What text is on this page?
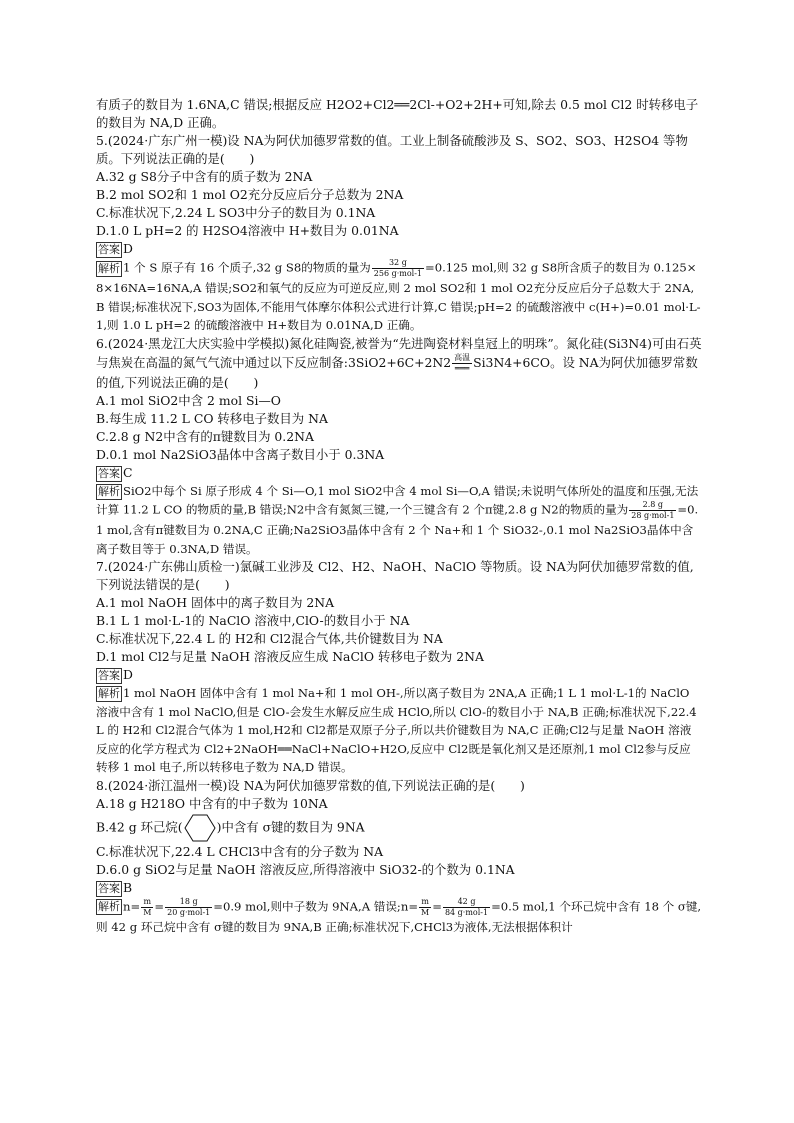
有质子的数目为 1.6NA,C 错误;根据反应 H2O2+Cl2══2Cl-+O2+2H+可知,除去 0.5 mol Cl2 时转移电子的数目为 NA,D 正确。

5.(2024·广东广州一模)设 NA为阿伏加德罗常数的值。工业上制备硫酸涉及 S、SO2、SO3、H2SO4 等物质。下列说法正确的是(　　)

A.32 g S8分子中含有的质子数为 2NA

B.2 mol SO2和 1 mol O2充分反应后分子总数为 2NA

C.标准状况下,2.24 L SO3中分子的数目为 0.1NA

D.1.0 L pH=2 的 H2SO4溶液中 H+数目为 0.01NA

答案 D

解析 1 个 S 原子有 16 个质子,32 g S8的物质的量为 $\frac{32 g}{\text{256 g·mol-1}} =0.125$ mol,则 32 g S8所含质子的数目为 0.125×8×16NA=16NA,A 错误;SO2和氧气的反应为可逆反应,则 2 mol SO2和 1 mol O2充分反应后分子总数大于 2NA,B 错误;标准状况下,SO3为固体,不能用气体摩尔体积公式进行计算,C 错误;pH=2 的硫酸溶液中 c(H+)=0.01 mol·L-1,则 1.0 L pH=2 的硫酸溶液中 H+数目为 0.01NA,D 正确。

6.(2024·黑龙江大庆实验中学模拟)氮化硅陶瓷,被誉为“先进陶瓷材料皇冠上的明珠”。氮化硅(Si3N4)可由石英与焦炭在高温的氮气气流中通过以下反应制备:3SiO2+6C+2N2 $\frac{\text{高温}}{═══} Si3N4+6CO$。设 NA为阿伏加德罗常数的值,下列说法正确的是(　　)

A.1 mol SiO2中含 2 mol Si—O

B.每生成 11.2 L CO 转移电子数目为 NA

C.2.8 g N2中含有的π键数目为 0.2NA

D.0.1 mol Na2SiO3晶体中含离子数目小于 0.3NA

答案 C

解析 SiO2中每个 Si 原子形成 4 个 Si—O,1 mol SiO2中含 4 mol Si—O,A 错误;未说明气体所处的温度和压强,无法计算 11.2 L CO 的物质的量,B 错误;N2中含有氮氮三键,一个三键含有 2 个π键,2.8 g N2的物质的量为 $\frac{2.8 g}{\text{28 g·mol-1}} =0.1$ mol,含有π键数目为 0.2NA,C 正确;Na2SiO3晶体中含有 2 个 Na+和 1 个 SiO32-,0.1 mol Na2SiO3晶体中含离子数目等于 0.3NA,D 错误。

7.(2024·广东佛山质检一)氯碱工业涉及 Cl2、H2、NaOH、NaClO 等物质。设 NA为阿伏加德罗常数的值,下列说法错误的是(　　)

A.1 mol NaOH 固体中的离子数目为 2NA

B.1 L 1 mol·L-1的 NaClO 溶液中,ClO-的数目小于 NA

C.标准状况下,22.4 L 的 H2和 Cl2混合气体,共价键数目为 NA

D.1 mol Cl2与足量 NaOH 溶液反应生成 NaClO 转移电子数为 2NA

答案 D

解析 1 mol NaOH 固体中含有 1 mol Na+和 1 mol OH-,所以离子数目为 2NA,A 正确;1 L 1 mol·L-1的 NaClO 溶液中含有 1 mol NaClO,但是 ClO-会发生水解反应生成 HClO,所以 ClO-的数目小于 NA,B 正确;标准状况下,22.4 L 的 H2和 Cl2混合气体为 1 mol,H2和 Cl2都是双原子分子,所以共价键数目为 NA,C 正确;Cl2与足量 NaOH 溶液反应的化学方程式为 Cl2+2NaOH══NaCl+NaClO+H2O,反应中 Cl2既是氧化剂又是还原剂,1 mol Cl2参与反应转移 1 mol 电子,所以转移电子数为 NA,D 错误。

8.(2024·浙江温州一模)设 NA为阿伏加德罗常数的值,下列说法正确的是(　　)

A.18 g H218O 中含有的中子数为 10NA

B.42 g 环己烷(	)中含有 σ键的数目为 9NA

C.标准状况下,22.4 L CHCl3中含有的分子数为 NA

D.6.0 g SiO2与足量 NaOH 溶液反应,所得溶液中 SiO32-的个数为 0.1NA

答案 B

解析 $n= \frac{m}{M} = \frac{18 g}{\text{20 g·mol-1}} =0.9$ mol,则中子数为 9NA,A 错误;n= $\frac{m}{M} = \frac{42 g}{\text{84 g·mol-1}} =0.5$ mol,1 个环己烷中含有 18 个 σ键,则 42 g 环己烷中含有 σ键的数目为 9NA,B 正确;标准状况下,CHCl3为液体,无法根据体积计
